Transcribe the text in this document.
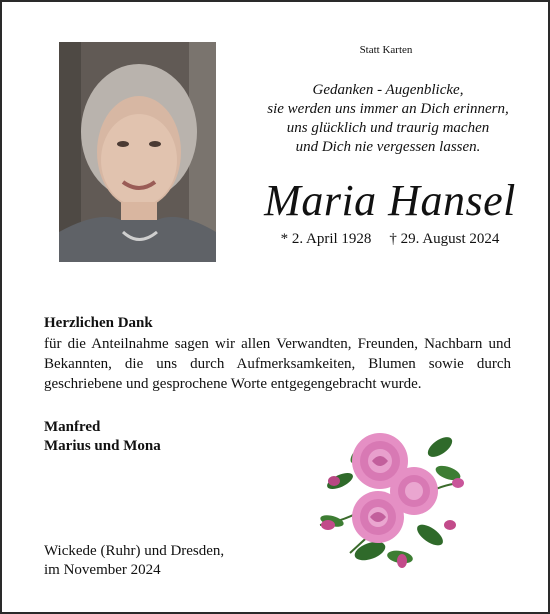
Statt Karten
Gedanken - Augenblicke,
sie werden uns immer an Dich erinnern,
uns glücklich und traurig machen
und Dich nie vergessen lassen.
Maria Hansel
* 2. April 1928 † 29. August 2024
Herzlichen Dank
für die Anteilnahme sagen wir allen Verwandten, Freunden, Nachbarn und Bekannten, die uns durch Aufmerksamkeiten, Blumen sowie durch geschriebene und gesprochene Worte entgegengebracht wurde.
Manfred
Marius und Mona
Wickede (Ruhr) und Dresden,
im November 2024
